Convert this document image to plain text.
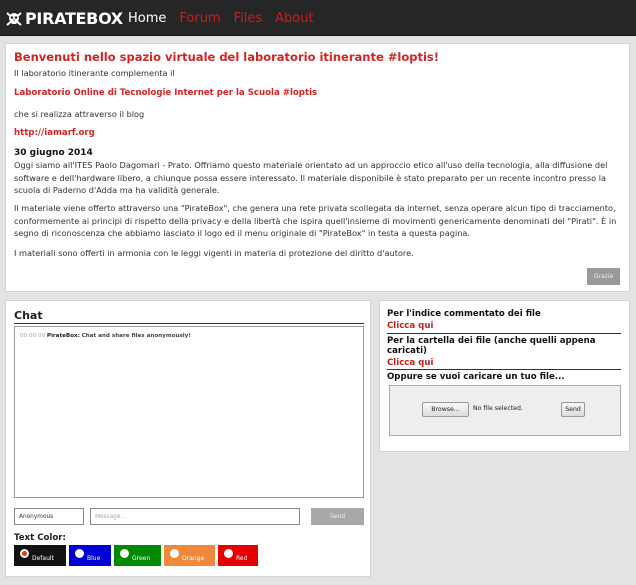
PIRATEBOX Home Forum Files About
Benvenuti nello spazio virtuale del laboratorio itinerante #loptis!
Il laboratorio itinerante complementa il
Laboratorio Online di Tecnologie Internet per la Scuola #loptis
che si realizza attraverso il blog
http://iamarf.org
30 giugno 2014
Oggi siamo all'ITES Paolo Dagomari - Prato. Offriamo questo materiale orientato ad un approccio etico all'uso della tecnologia, alla diffusione del software e dell'hardware libero, a chiunque possa essere interessato. Il materiale disponibile è stato preparato per un recente incontro presso la scuola di Paderno d'Adda ma ha validità generale.
Il materiale viene offerto attraverso una "PirateBox", che genera una rete privata scollegata da internet, senza operare alcun tipo di tracciamento, conformemente ai principi di rispetto della privacy e della libertà che ispira quell'insieme di movimenti genericamente denominati dei "Pirati". È in segno di riconoscenza che abbiamo lasciato il logo ed il menu originale di "PirateBox" in testa a questa pagina.
I materiali sono offerti in armonia con le leggi vigenti in materia di protezione del diritto d'autore.
Grazie
Chat
00:00:00 PirateBox: Chat and share files anonymously!
Anonymous
Message...
Send
Text Color:
Default	Blue	Green	Orange	Red
Per l'indice commentato dei file
Clicca qui
Per la cartella dei file (anche quelli appena caricati)
Clicca qui
Oppure se vuoi caricare un tuo file...
Browse...	No file selected.	Send
